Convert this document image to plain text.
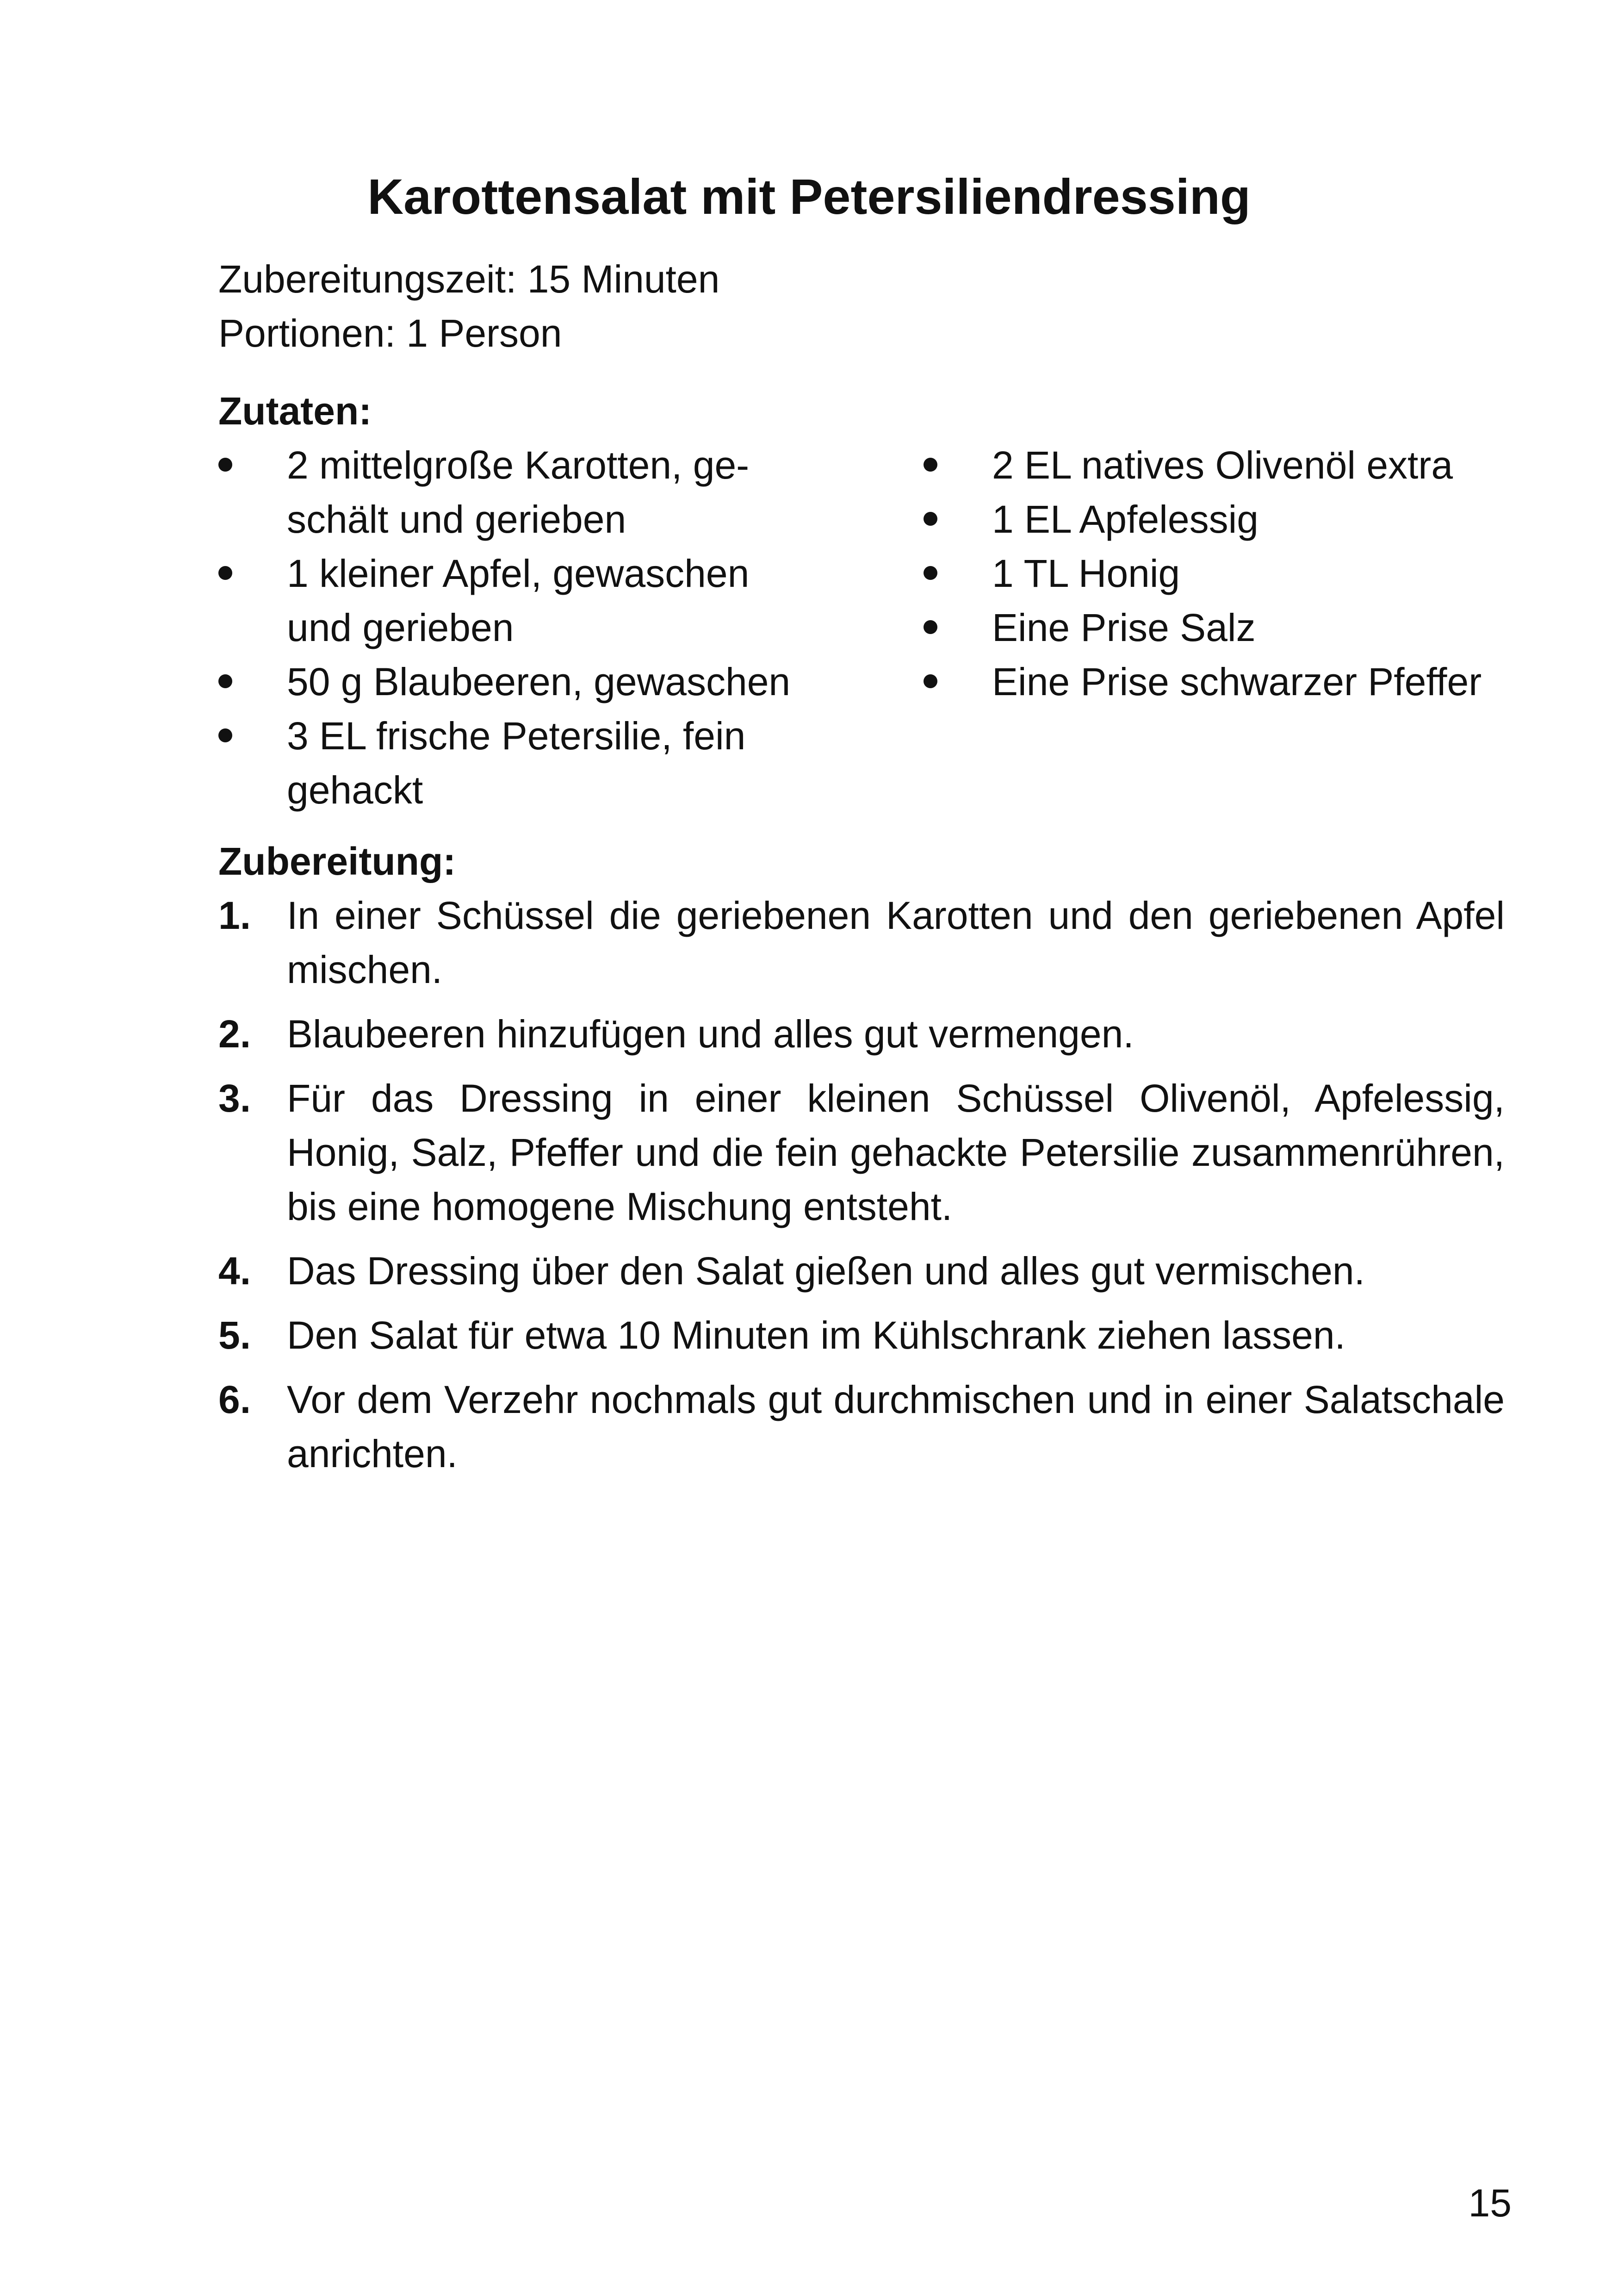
Karottensalat mit Petersiliendressing
Zubereitungszeit: 15 Minuten
Portionen: 1 Person
Zutaten:
2 mittelgroße Karotten, ge-schält und gerieben
1 kleiner Apfel, gewaschen und gerieben
50 g Blaubeeren, gewaschen
3 EL frische Petersilie, fein gehackt
2 EL natives Olivenöl extra
1 EL Apfelessig
1 TL Honig
Eine Prise Salz
Eine Prise schwarzer Pfeffer
Zubereitung:
1. In einer Schüssel die geriebenen Karotten und den geriebenen Apfel mischen.
2. Blaubeeren hinzufügen und alles gut vermengen.
3. Für das Dressing in einer kleinen Schüssel Olivenöl, Apfelessig, Honig, Salz, Pfeffer und die fein gehackte Petersilie zusammenrühren, bis eine homogene Mischung entsteht.
4. Das Dressing über den Salat gießen und alles gut vermischen.
5. Den Salat für etwa 10 Minuten im Kühlschrank ziehen lassen.
6. Vor dem Verzehr nochmals gut durchmischen und in einer Salatschale anrichten.
15
